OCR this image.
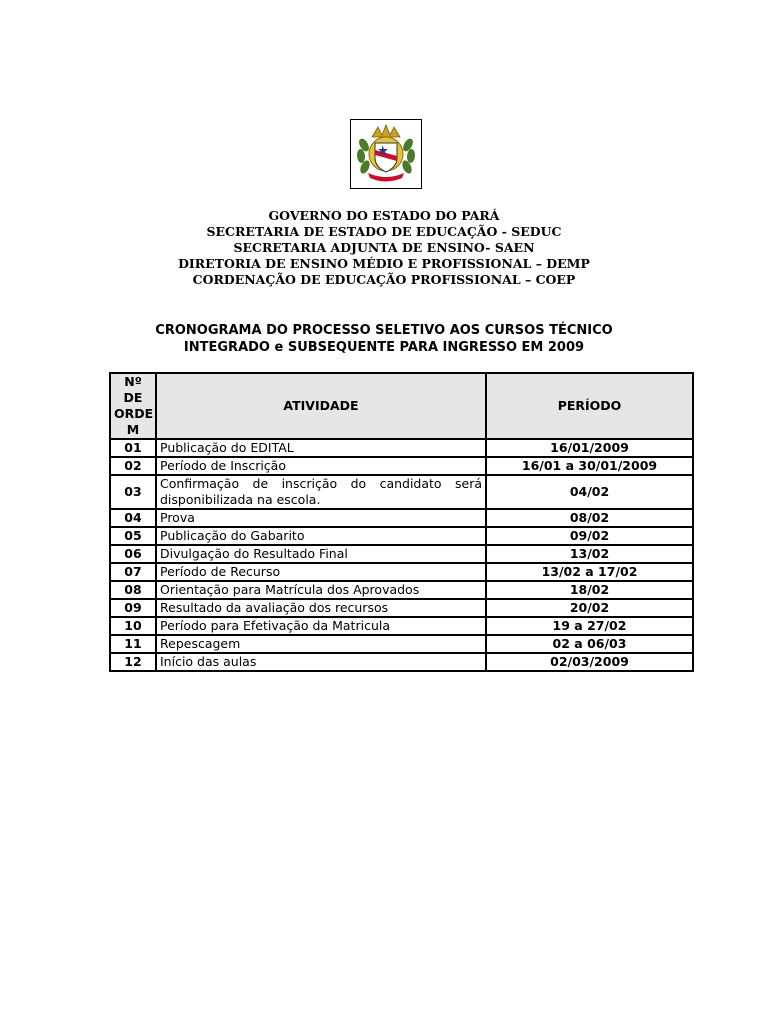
GOVERNO DO ESTADO DO PARÁ
SECRETARIA DE ESTADO DE EDUCAÇÃO - SEDUC
SECRETARIA ADJUNTA DE ENSINO- SAEN
DIRETORIA DE ENSINO MÉDIO E PROFISSIONAL – DEMP
CORDENAÇÃO DE EDUCAÇÃO PROFISSIONAL – COEP
CRONOGRAMA DO PROCESSO SELETIVO AOS CURSOS TÉCNICO
INTEGRADO e SUBSEQUENTE PARA INGRESSO EM 2009
Nº DE ORDE M	ATIVIDADE	PERÍODO
01	Publicação do EDITAL	16/01/2009
02	Período de Inscrição	16/01 a 30/01/2009
03	Confirmação de inscrição do candidato será disponibilizada na escola.	04/02
04	Prova	08/02
05	Publicação do Gabarito	09/02
06	Divulgação do Resultado Final	13/02
07	Período de Recurso	13/02 a 17/02
08	Orientação para Matrícula dos Aprovados	18/02
09	Resultado da avaliação dos recursos	20/02
10	Período para Efetivação da Matricula	19 a 27/02
11	Repescagem	02 a 06/03
12	Início das aulas	02/03/2009
